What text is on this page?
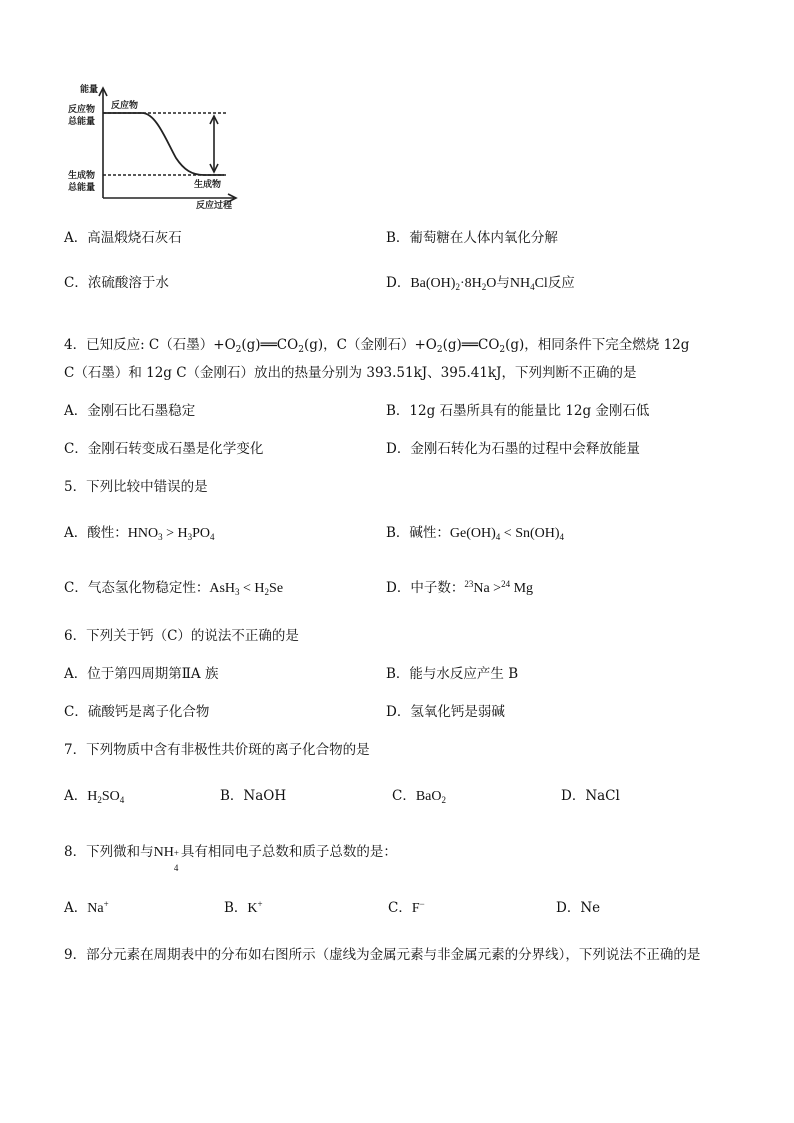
能量
反应物
总能量
生成物
总能量
反应物
生成物
反应过程
A．高温煅烧石灰石	B．葡萄糖在人体内氧化分解
C．浓硫酸溶于水	D．$Ba(OH)_2\cdot 8H_2O$与$NH_4Cl$反应
4．已知反应: C（石墨）$+O_2(g)══CO_2(g)$，C（金刚石）$+O_2(g)══CO_2(g)$，相同条件下完全燃烧 12g
C（石墨）和 12g C（金刚石）放出的热量分别为 393.51kJ、395.41kJ，下列判断不正确的是
A．金刚石比石墨稳定	B．12g 石墨所具有的能量比 12g 金刚石低
C．金刚石转变成石墨是化学变化	D．金刚石转化为石墨的过程中会释放能量
5．下列比较中错误的是
A．酸性：$HNO_3 > H_3PO_4$	B．碱性：$Ge(OH)_4 < Sn(OH)_4$
C．气态氢化物稳定性：$AsH_3 < H_2Se$	D．中子数：$^{23}$Na >$^{24}$ Mg
6．下列关于钙（C）的说法不正确的是
A．位于第四周期第ⅡA 族	B．能与水反应产生 B
C．硫酸钙是离子化合物	D．氢氧化钙是弱碱
7．下列物质中含有非极性共价斑的离子化合物的是
A．$H_2SO_4$	B．NaOH	C．BaO$_2$	D．NaCl
8．下列微和与NH +
4
具有相同电子总数和质子总数的是：
A．Na+	B．K+	C．F−	D．Ne
9．部分元素在周期表中的分布如右图所示（虚线为金属元素与非金属元素的分界线），下列说法不正确的是
